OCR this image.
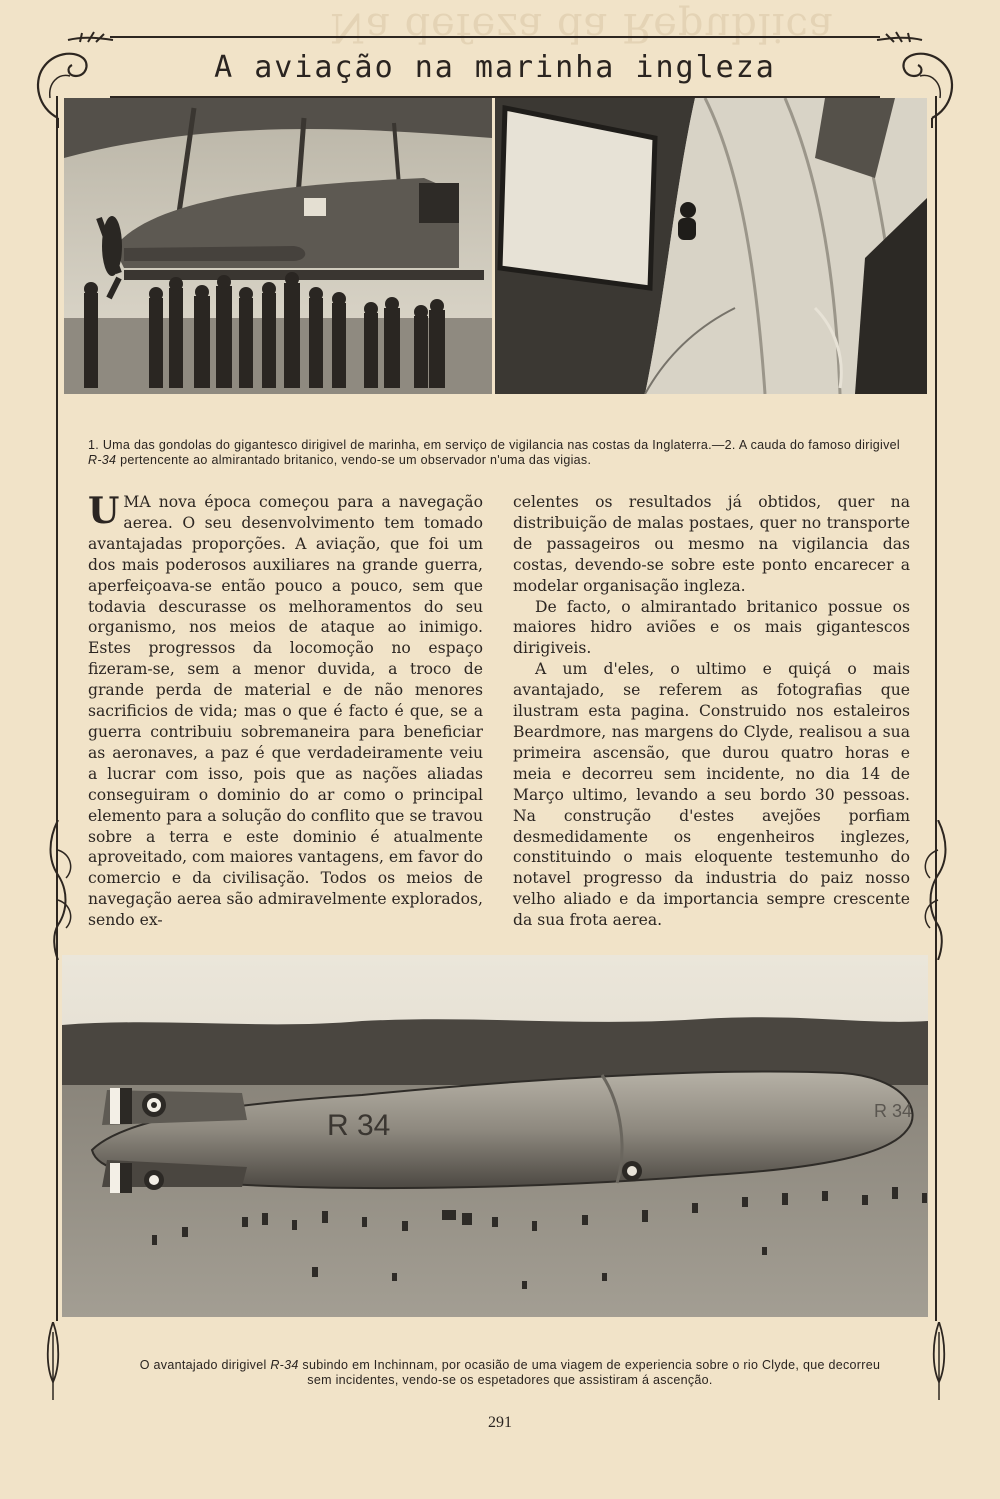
Na defeza da Republica
A aviação na marinha ingleza
1. Uma das gondolas do gigantesco dirigivel de marinha, em serviço de vigilancia nas costas da Inglaterra.—2. A cauda do famoso dirigivel R-34 pertencente ao almirantado britanico, vendo-se um observador n'uma das vigias.

UMA nova época começou para a navegação aerea. O seu desenvolvimento tem tomado avantajadas proporções. A aviação, que foi um dos mais poderosos auxiliares na grande guerra, aperfeiçoava-se então pouco a pouco, sem que todavia descurasse os melhoramentos do seu organismo, nos meios de ataque ao inimigo. Estes progressos da locomoção no espaço fizeram-se, sem a menor duvida, a troco de grande perda de material e de não menores sacrificios de vida; mas o que é facto é que, se a guerra contribuiu sobremaneira para beneficiar as aeronaves, a paz é que verdadeiramente veiu a lucrar com isso, pois que as nações aliadas conseguiram o dominio do ar como o principal elemento para a solução do conflito que se travou sobre a terra e este dominio é atualmente aproveitado, com maiores vantagens, em favor do comercio e da civilisação. Todos os meios de navegação aerea são admiravelmente explorados, sendo ex-

celentes os resultados já obtidos, quer na distribuição de malas postaes, quer no transporte de passageiros ou mesmo na vigilancia das costas, devendo-se sobre este ponto encarecer a modelar organisação ingleza.

De facto, o almirantado britanico possue os maiores hidro aviões e os mais gigantescos dirigiveis.

A um d'eles, o ultimo e quiçá o mais avantajado, se referem as fotografias que ilustram esta pagina. Construido nos estaleiros Beardmore, nas margens do Clyde, realisou a sua primeira ascensão, que durou quatro horas e meia e decorreu sem incidente, no dia 14 de Março ultimo, levando a seu bordo 30 pessoas. Na construção d'estes avejões porfiam desmedidamente os engenheiros inglezes, constituindo o mais eloquente testemunho do notavel progresso da industria do paiz nosso velho aliado e da importancia sempre crescente da sua frota aerea.

R 34	R 34
O avantajado dirigivel R-34 subindo em Inchinnam, por ocasião de uma viagem de experiencia sobre o rio Clyde, que decorreu sem incidentes, vendo-se os espetadores que assistiram á ascenção.
291
